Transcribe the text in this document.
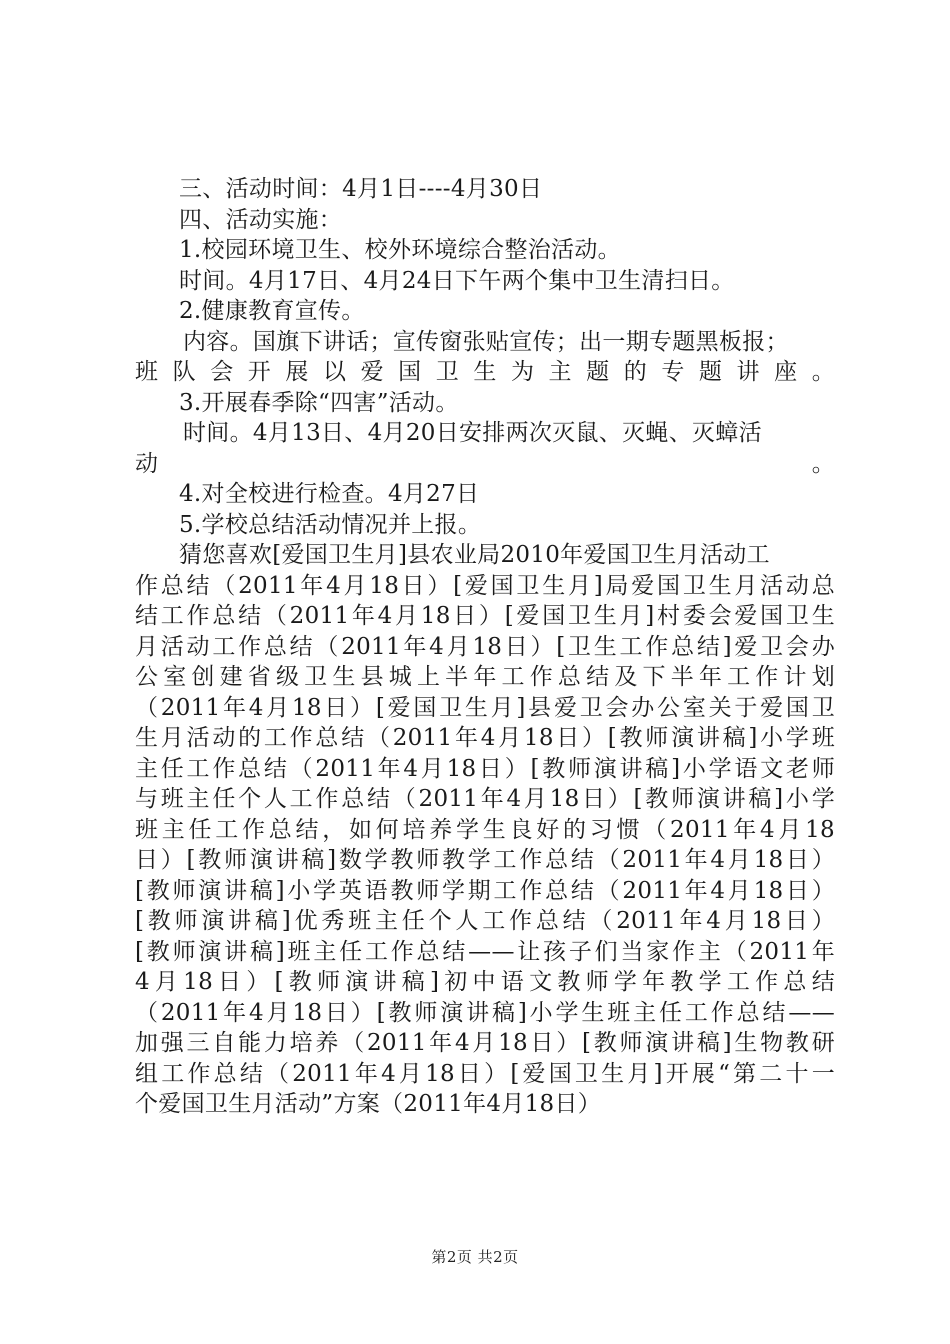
三、活动时间：4月1日----4月30日
四、活动实施：
1.校园环境卫生、校外环境综合整治活动。
时间。4月17日、4月24日下午两个集中卫生清扫日。
2.健康教育宣传。
内容。国旗下讲话；宣传窗张贴宣传；出一期专题黑板报；
班队会开展以爱国卫生为主题的专题讲座。
3.开展春季除“四害”活动。
时间。4月13日、4月20日安排两次灭鼠、灭蝇、灭蟑活
动。
4.对全校进行检查。4月27日
5.学校总结活动情况并上报。
猜您喜欢[爱国卫生月]县农业局2010年爱国卫生月活动工
作总结（2011年4月18日）[爱国卫生月]局爱国卫生月活动总
结工作总结（2011年4月18日）[爱国卫生月]村委会爱国卫生
月活动工作总结（2011年4月18日）[卫生工作总结]爱卫会办
公室创建省级卫生县城上半年工作总结及下半年工作计划
（2011年4月18日）[爱国卫生月]县爱卫会办公室关于爱国卫
生月活动的工作总结（2011年4月18日）[教师演讲稿]小学班
主任工作总结（2011年4月18日）[教师演讲稿]小学语文老师
与班主任个人工作总结（2011年4月18日）[教师演讲稿]小学
班主任工作总结，如何培养学生良好的习惯（2011年4月18
日）[教师演讲稿]数学教师教学工作总结（2011年4月18日）
[教师演讲稿]小学英语教师学期工作总结（2011年4月18日）
[教师演讲稿]优秀班主任个人工作总结（2011年4月18日）
[教师演讲稿]班主任工作总结——让孩子们当家作主（2011年
4月18日）[教师演讲稿]初中语文教师学年教学工作总结
（2011年4月18日）[教师演讲稿]小学生班主任工作总结——
加强三自能力培养（2011年4月18日）[教师演讲稿]生物教研
组工作总结（2011年4月18日）[爱国卫生月]开展“第二十一
个爱国卫生月活动”方案（2011年4月18日）
第2页 共2页
